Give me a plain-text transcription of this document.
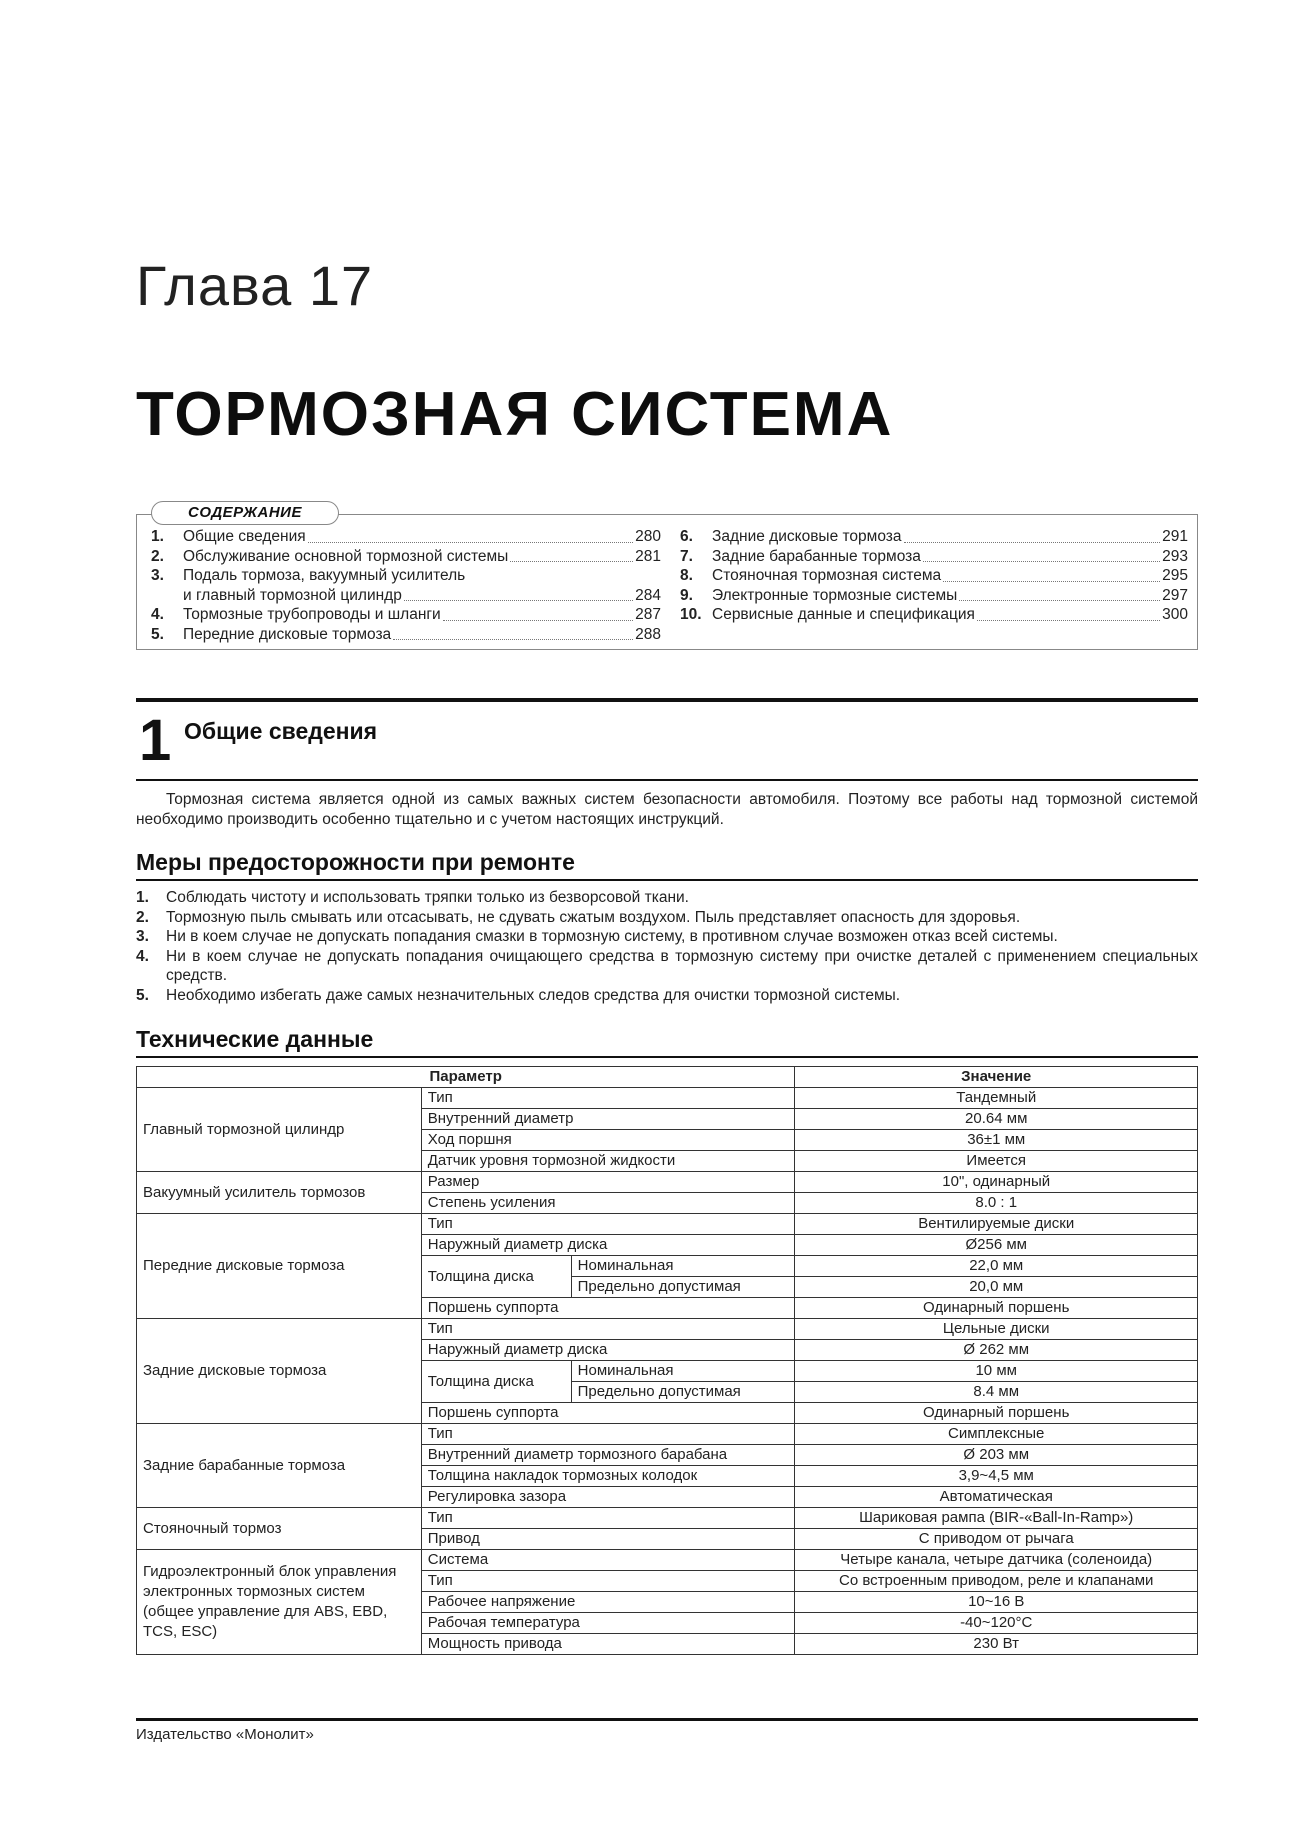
Глава 17
ТОРМОЗНАЯ СИСТЕМА
СОДЕРЖАНИЕ
1.	Общие сведения	280
2.	Обслуживание основной тормозной системы	281
3.	Подаль тормоза, вакуумный усилитель
и главный тормозной цилиндр	284
4.	Тормозные трубопроводы и шланги	287
5.	Передние дисковые тормоза	288
6.	Задние дисковые тормоза	291
7.	Задние барабанные тормоза	293
8.	Стояночная тормозная система	295
9.	Электронные тормозные системы	297
10. Сервисные данные и спецификация	300
1 Общие сведения
Тормозная система является одной из самых важных систем безопасности автомобиля. Поэтому все работы над тормозной системой необходимо производить особенно тщательно и с учетом настоящих инструкций.
Меры предосторожности при ремонте
1.	Соблюдать чистоту и использовать тряпки только из безворсовой ткани.
2.	Тормозную пыль смывать или отсасывать, не сдувать сжатым воздухом. Пыль представляет опасность для здоровья.
3.	Ни в коем случае не допускать попадания смазки в тормозную систему, в противном случае возможен отказ всей системы.
4.	Ни в коем случае не допускать попадания очищающего средства в тормозную систему при очистке деталей с применением специальных средств.
5.	Необходимо избегать даже самых незначительных следов средства для очистки тормозной системы.
Технические данные
Параметр			Значение
Главный тормозной цилиндр	Тип		Тандемный
	Внутренний диаметр		20.64 мм
	Ход поршня		36±1 мм
	Датчик уровня тормозной жидкости		Имеется
Вакуумный усилитель тормозов	Размер		10", одинарный
	Степень усиления		8.0 : 1
Передние дисковые тормоза	Тип		Вентилируемые диски
	Наружный диаметр диска		Ø256 мм
	Толщина диска	Номинальная	22,0 мм
		Предельно допустимая	20,0 мм
	Поршень суппорта		Одинарный поршень
Задние дисковые тормоза	Тип		Цельные диски
	Наружный диаметр диска		Ø 262 мм
	Толщина диска	Номинальная	10 мм
		Предельно допустимая	8.4 мм
	Поршень суппорта		Одинарный поршень
Задние барабанные тормоза	Тип		Симплексные
	Внутренний диаметр тормозного барабана		Ø 203 мм
	Толщина накладок тормозных колодок		3,9~4,5 мм
	Регулировка зазора		Автоматическая
Стояночный тормоз	Тип		Шариковая рампа (BIR-«Ball-In-Ramp»)
	Привод		С приводом от рычага
Гидроэлектронный блок управления электронных тормозных систем (общее управление для ABS, EBD, TCS, ESC)	Система		Четыре канала, четыре датчика (соленоида)
	Тип		Со встроенным приводом, реле и клапанами
	Рабочее напряжение		10~16 В
	Рабочая температура		-40~120°C
	Мощность привода		230 Вт
Издательство «Монолит»
